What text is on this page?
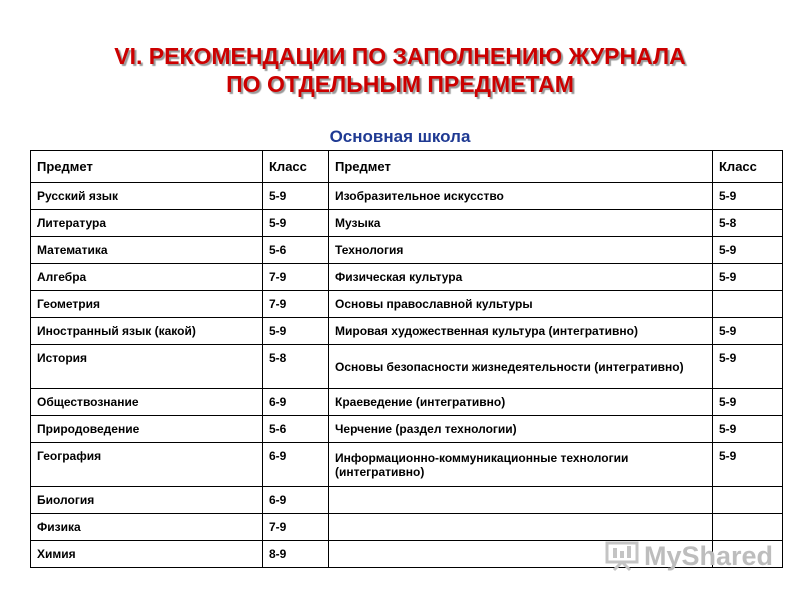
VI. РЕКОМЕНДАЦИИ ПО ЗАПОЛНЕНИЮ ЖУРНАЛА
ПО ОТДЕЛЬНЫМ ПРЕДМЕТАМ
Основная школа
Предмет	Класс	Предмет	Класс
Русский язык	5-9	Изобразительное искусство	5-9
Литература	5-9	Музыка	5-8
Математика	5-6	Технология	5-9
Алгебра	7-9	Физическая культура	5-9
Геометрия	7-9	Основы православной культуры	
Иностранный язык (какой)	5-9	Мировая художественная культура (интегративно)	5-9
История	5-8	Основы безопасности жизнедеятельности (интегративно)	5-9
Обществознание	6-9	Краеведение (интегративно)	5-9
Природоведение	5-6	Черчение (раздел технологии)	5-9
География	6-9	Информационно-коммуникационные технологии (интегративно)	5-9
Биология	6-9		
Физика	7-9		
Химия	8-9			MyShared
